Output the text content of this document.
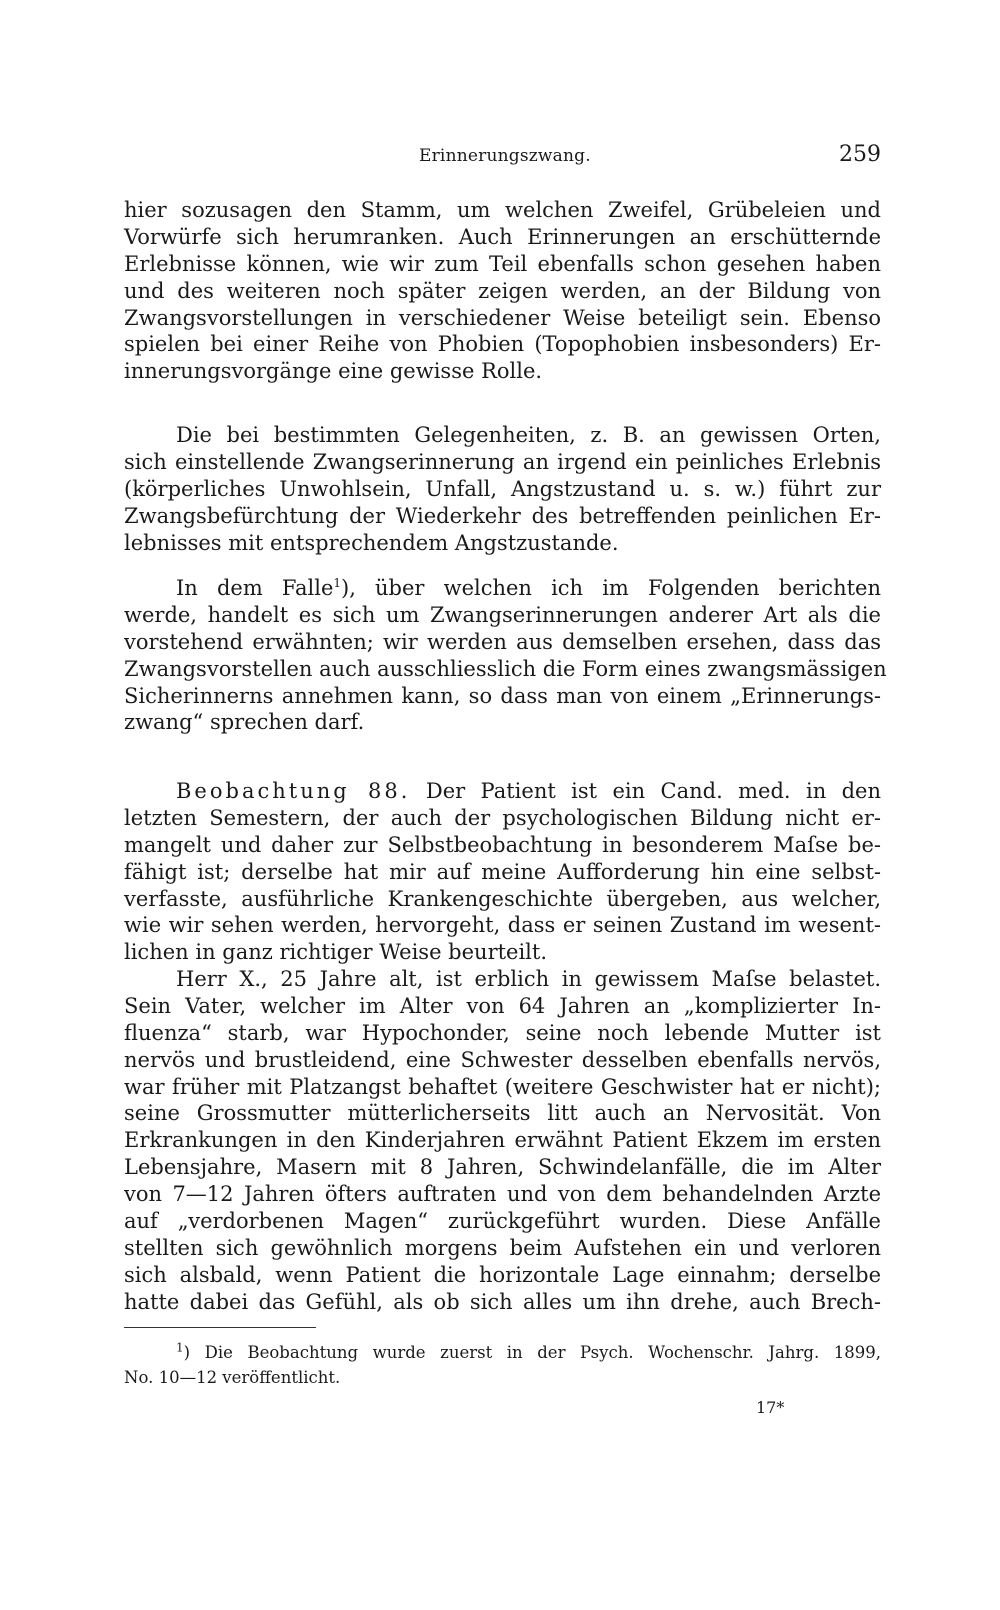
Erinnerungszwang.	259
hier sozusagen den Stamm, um welchen Zweifel, Grübeleien und
Vorwürfe sich herumranken. Auch Erinnerungen an erschütternde
Erlebnisse können, wie wir zum Teil ebenfalls schon gesehen haben
und des weiteren noch später zeigen werden, an der Bildung von
Zwangsvorstellungen in verschiedener Weise beteiligt sein. Ebenso
spielen bei einer Reihe von Phobien (Topophobien insbesonders) Er-
innerungsvorgänge eine gewisse Rolle.
Die bei bestimmten Gelegenheiten, z. B. an gewissen Orten,
sich einstellende Zwangserinnerung an irgend ein peinliches Erlebnis
(körperliches Unwohlsein, Unfall, Angstzustand u. s. w.) führt zur
Zwangsbefürchtung der Wiederkehr des betreffenden peinlichen Er-
lebnisses mit entsprechendem Angstzustande.
In dem Falle$^1$), über welchen ich im Folgenden berichten
werde, handelt es sich um Zwangserinnerungen anderer Art als die
vorstehend erwähnten; wir werden aus demselben ersehen, dass das
Zwangsvorstellen auch ausschliesslich die Form eines zwangsmässigen
Sicherinnerns annehmen kann, so dass man von einem „Erinnerungs-
zwang“ sprechen darf.
Beobachtung 88. Der Patient ist ein Cand. med. in den
letzten Semestern, der auch der psychologischen Bildung nicht er-
mangelt und daher zur Selbstbeobachtung in besonderem Maſse be-
fähigt ist; derselbe hat mir auf meine Aufforderung hin eine selbst-
verfasste, ausführliche Krankengeschichte übergeben, aus welcher,
wie wir sehen werden, hervorgeht, dass er seinen Zustand im wesent-
lichen in ganz richtiger Weise beurteilt.
Herr X., 25 Jahre alt, ist erblich in gewissem Maſse belastet.
Sein Vater, welcher im Alter von 64 Jahren an „komplizierter In-
fluenza“ starb, war Hypochonder, seine noch lebende Mutter ist
nervös und brustleidend, eine Schwester desselben ebenfalls nervös,
war früher mit Platzangst behaftet (weitere Geschwister hat er nicht);
seine Grossmutter mütterlicherseits litt auch an Nervosität. Von
Erkrankungen in den Kinderjahren erwähnt Patient Ekzem im ersten
Lebensjahre, Masern mit 8 Jahren, Schwindelanfälle, die im Alter
von 7—12 Jahren öfters auftraten und von dem behandelnden Arzte
auf „verdorbenen Magen“ zurückgeführt wurden. Diese Anfälle
stellten sich gewöhnlich morgens beim Aufstehen ein und verloren
sich alsbald, wenn Patient die horizontale Lage einnahm; derselbe
hatte dabei das Gefühl, als ob sich alles um ihn drehe, auch Brech-
$^1$) Die Beobachtung wurde zuerst in der Psych. Wochenschr. Jahrg. 1899,
No. 10—12 veröffentlicht.
17*
